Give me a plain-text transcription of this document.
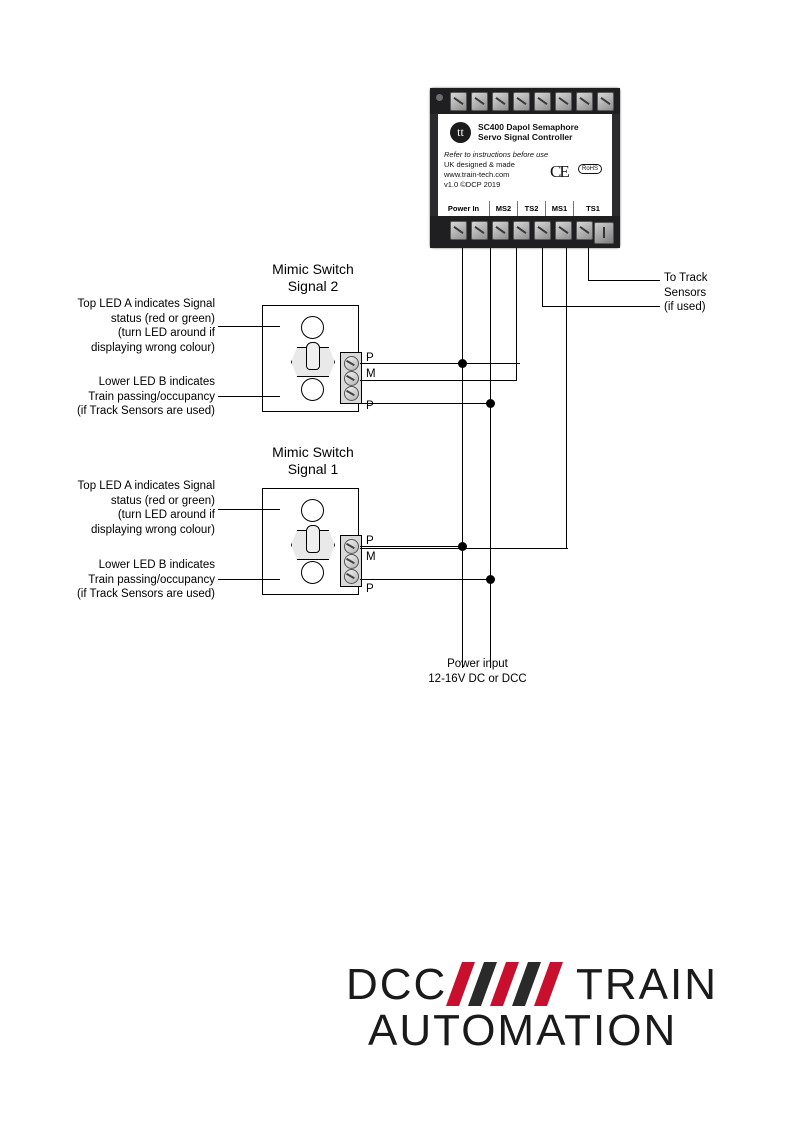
tt	SC400 Dapol Semaphore
Servo Signal Controller
Refer to instructions before use
UK designed & made
www.train-tech.com
v1.0 ©DCP 2019
CE	RoHS
Power In	MS2	TS2	MS1	TS1
To Track
Sensors
(if used)
Mimic Switch
Signal 2
P
M
P
Top LED A indicates Signal
status (red or green)
(turn LED around if
displaying wrong colour)
Lower LED B indicates
Train passing/occupancy
(if Track Sensors are used)
Mimic Switch
Signal 1
P
M
P
Top LED A indicates Signal
status (red or green)
(turn LED around if
displaying wrong colour)
Lower LED B indicates
Train passing/occupancy
(if Track Sensors are used)
Power input
12-16V DC or DCC
DCC	TRAIN
AUTOMATION
